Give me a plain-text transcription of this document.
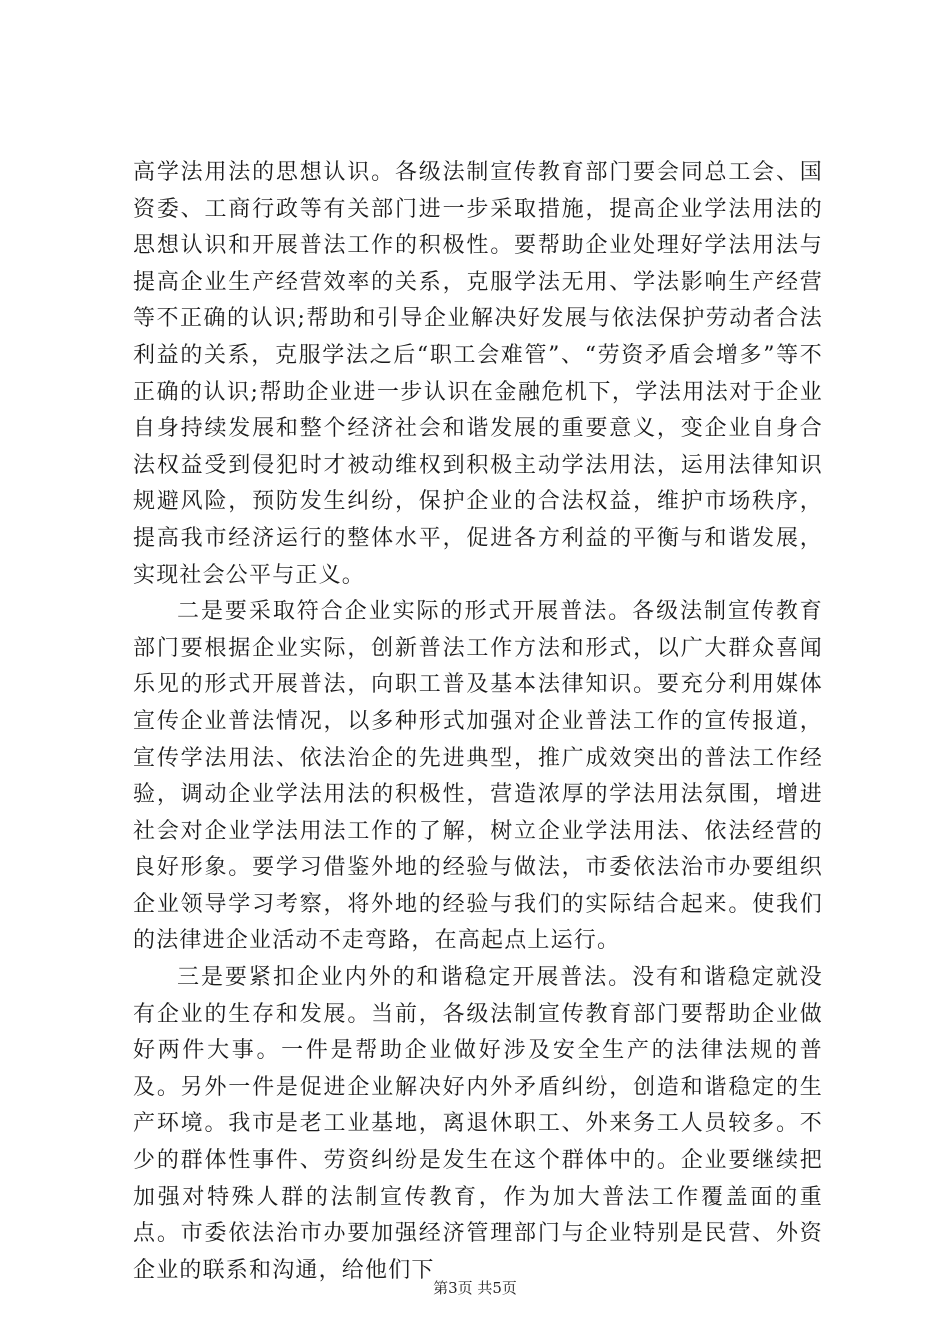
高学法用法的思想认识。各级法制宣传教育部门要会同总工会、国资委、工商行政等有关部门进一步采取措施，提高企业学法用法的思想认识和开展普法工作的积极性。要帮助企业处理好学法用法与提高企业生产经营效率的关系，克服学法无用、学法影响生产经营等不正确的认识;帮助和引导企业解决好发展与依法保护劳动者合法利益的关系，克服学法之后“职工会难管”、“劳资矛盾会增多”等不正确的认识;帮助企业进一步认识在金融危机下，学法用法对于企业自身持续发展和整个经济社会和谐发展的重要意义，变企业自身合法权益受到侵犯时才被动维权到积极主动学法用法，运用法律知识规避风险，预防发生纠纷，保护企业的合法权益，维护市场秩序，提高我市经济运行的整体水平，促进各方利益的平衡与和谐发展，实现社会公平与正义。

二是要采取符合企业实际的形式开展普法。各级法制宣传教育部门要根据企业实际，创新普法工作方法和形式，以广大群众喜闻乐见的形式开展普法，向职工普及基本法律知识。要充分利用媒体宣传企业普法情况，以多种形式加强对企业普法工作的宣传报道，宣传学法用法、依法治企的先进典型，推广成效突出的普法工作经验，调动企业学法用法的积极性，营造浓厚的学法用法氛围，增进社会对企业学法用法工作的了解，树立企业学法用法、依法经营的良好形象。要学习借鉴外地的经验与做法，市委依法治市办要组织企业领导学习考察，将外地的经验与我们的实际结合起来。使我们的法律进企业活动不走弯路，在高起点上运行。

三是要紧扣企业内外的和谐稳定开展普法。没有和谐稳定就没有企业的生存和发展。当前，各级法制宣传教育部门要帮助企业做好两件大事。一件是帮助企业做好涉及安全生产的法律法规的普及。另外一件是促进企业解决好内外矛盾纠纷，创造和谐稳定的生产环境。我市是老工业基地，离退休职工、外来务工人员较多。不少的群体性事件、劳资纠纷是发生在这个群体中的。企业要继续把加强对特殊人群的法制宣传教育，作为加大普法工作覆盖面的重点。市委依法治市办要加强经济管理部门与企业特别是民营、外资企业的联系和沟通，给他们下

第3页 共5页
